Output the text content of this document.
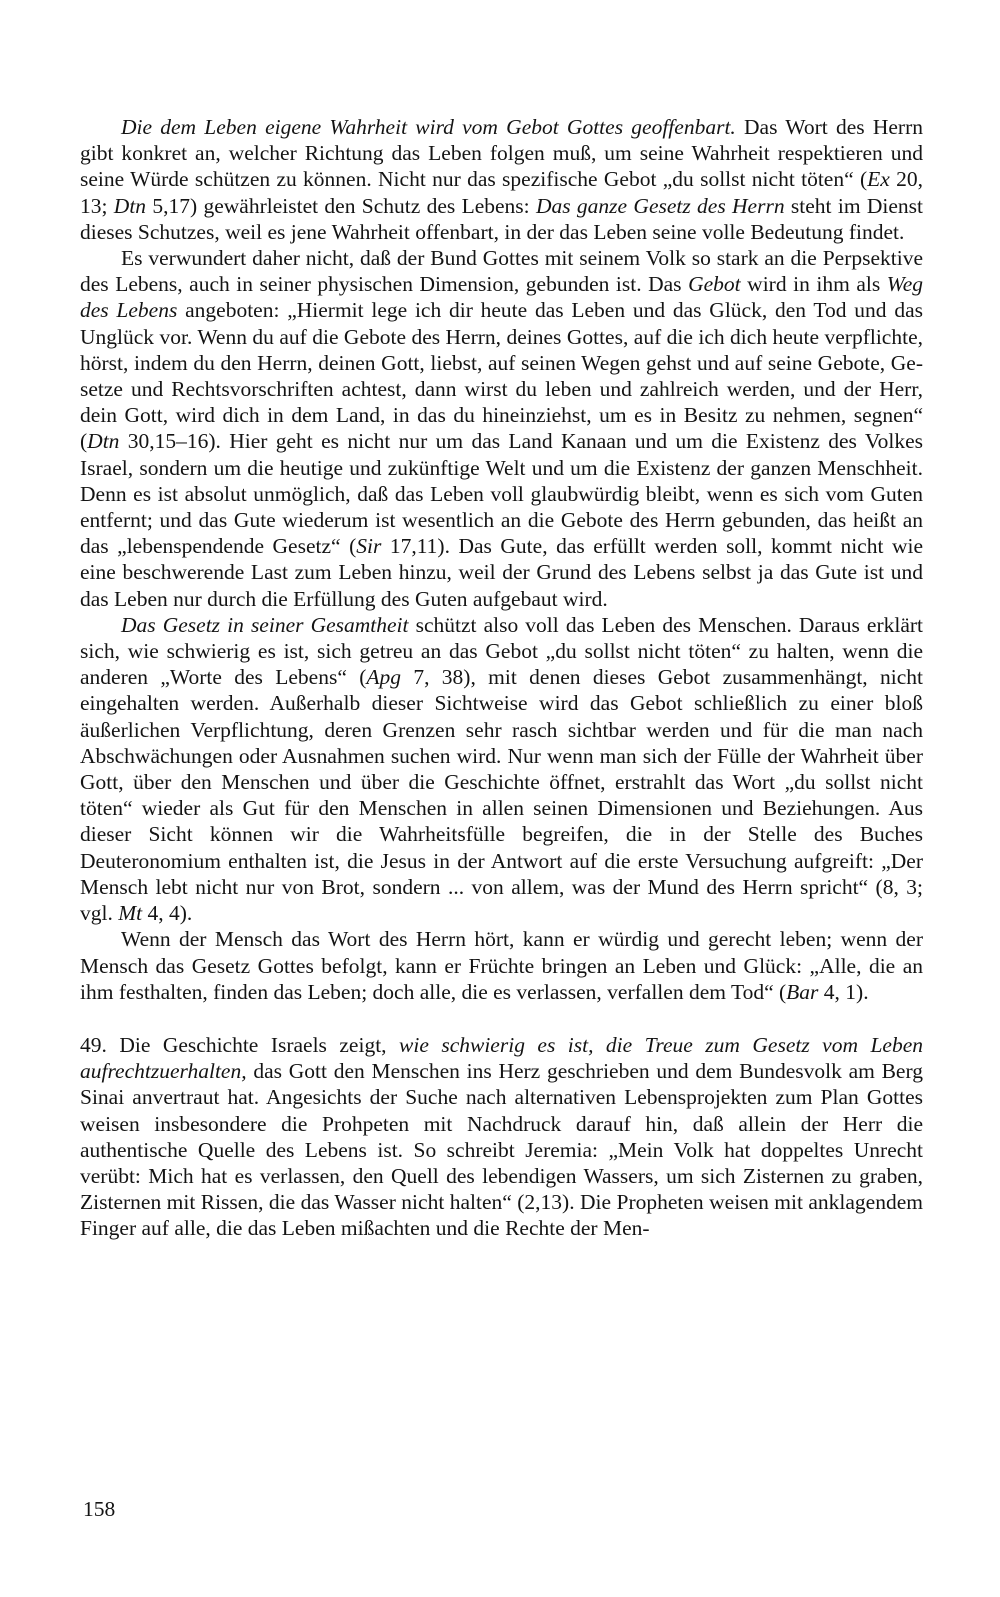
Die dem Leben eigene Wahrheit wird vom Gebot Gottes geoffenbart. Das Wort des Herrn gibt konkret an, welcher Richtung das Leben folgen muß, um seine Wahrheit respektieren und seine Würde schützen zu können. Nicht nur das spezifische Gebot „du sollst nicht töten“ (Ex 20, 13; Dtn 5,17) gewährleistet den Schutz des Lebens: Das ganze Gesetz des Herrn steht im Dienst dieses Schutzes, weil es jene Wahrheit offenbart, in der das Leben seine volle Bedeutung findet.

Es verwundert daher nicht, daß der Bund Gottes mit seinem Volk so stark an die Perpsektive des Lebens, auch in seiner physischen Dimension, gebunden ist. Das Gebot wird in ihm als Weg des Lebens angeboten: „Hiermit lege ich dir heute das Leben und das Glück, den Tod und das Unglück vor. Wenn du auf die Gebote des Herrn, deines Gottes, auf die ich dich heute verpflichte, hörst, indem du den Herrn, deinen Gott, liebst, auf seinen Wegen gehst und auf seine Gebote, Gesetze und Rechtsvorschriften achtest, dann wirst du leben und zahlreich werden, und der Herr, dein Gott, wird dich in dem Land, in das du hineinziehst, um es in Besitz zu nehmen, segnen“ (Dtn 30,15–16). Hier geht es nicht nur um das Land Kanaan und um die Existenz des Volkes Israel, sondern um die heutige und zukünftige Welt und um die Existenz der ganzen Menschheit. Denn es ist absolut unmöglich, daß das Leben voll glaubwürdig bleibt, wenn es sich vom Guten entfernt; und das Gute wiederum ist wesentlich an die Gebote des Herrn gebunden, das heißt an das „lebenspendende Gesetz“ (Sir 17,11). Das Gute, das erfüllt werden soll, kommt nicht wie eine beschwerende Last zum Leben hinzu, weil der Grund des Lebens selbst ja das Gute ist und das Leben nur durch die Erfüllung des Guten aufgebaut wird.

Das Gesetz in seiner Gesamtheit schützt also voll das Leben des Menschen. Daraus erklärt sich, wie schwierig es ist, sich getreu an das Gebot „du sollst nicht töten“ zu halten, wenn die anderen „Worte des Lebens“ (Apg 7, 38), mit denen dieses Gebot zusammenhängt, nicht eingehalten werden. Außerhalb dieser Sichtweise wird das Gebot schließlich zu einer bloß äußerlichen Verpflichtung, deren Grenzen sehr rasch sichtbar werden und für die man nach Abschwächungen oder Ausnahmen suchen wird. Nur wenn man sich der Fülle der Wahrheit über Gott, über den Menschen und über die Geschichte öffnet, erstrahlt das Wort „du sollst nicht töten“ wieder als Gut für den Menschen in allen seinen Dimensionen und Beziehungen. Aus dieser Sicht können wir die Wahrheitsfülle begreifen, die in der Stelle des Buches Deuteronomium enthalten ist, die Jesus in der Antwort auf die erste Versuchung aufgreift: „Der Mensch lebt nicht nur von Brot, sondern ... von allem, was der Mund des Herrn spricht“ (8, 3; vgl. Mt 4, 4).

Wenn der Mensch das Wort des Herrn hört, kann er würdig und gerecht leben; wenn der Mensch das Gesetz Gottes befolgt, kann er Früchte bringen an Leben und Glück: „Alle, die an ihm festhalten, finden das Leben; doch alle, die es verlassen, verfallen dem Tod“ (Bar 4, 1).

49. Die Geschichte Israels zeigt, wie schwierig es ist, die Treue zum Gesetz vom Leben aufrechtzuerhalten, das Gott den Menschen ins Herz geschrieben und dem Bundesvolk am Berg Sinai anvertraut hat. Angesichts der Suche nach alternativen Lebensprojekten zum Plan Gottes weisen insbesondere die Prohpeten mit Nachdruck darauf hin, daß allein der Herr die authentische Quelle des Lebens ist. So schreibt Jeremia: „Mein Volk hat doppeltes Unrecht verübt: Mich hat es verlassen, den Quell des lebendigen Wassers, um sich Zisternen zu graben, Zisternen mit Rissen, die das Wasser nicht halten“ (2,13). Die Propheten weisen mit anklagendem Finger auf alle, die das Leben mißachten und die Rechte der Men-

158
